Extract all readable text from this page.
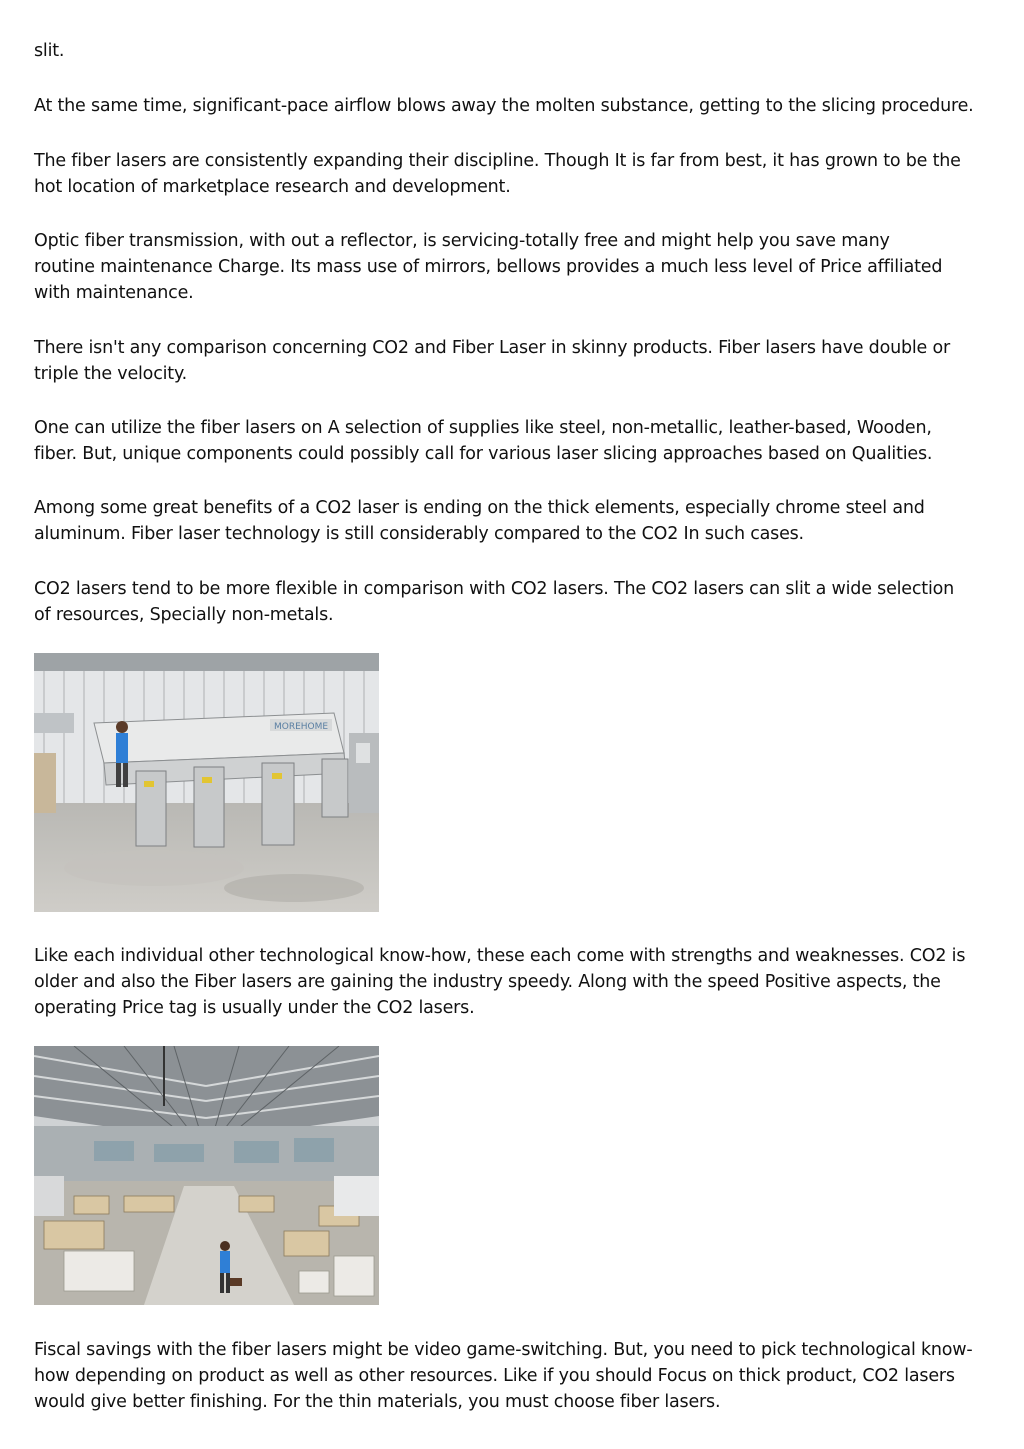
slit.

At the same time, significant-pace airflow blows away the molten substance, getting to the slicing procedure.

The fiber lasers are consistently expanding their discipline. Though It is far from best, it has grown to be the hot location of marketplace research and development.

Optic fiber transmission, with out a reflector, is servicing-totally free and might help you save many routine maintenance Charge. Its mass use of mirrors, bellows provides a much less level of Price affiliated with maintenance.

There isn't any comparison concerning CO2 and Fiber Laser in skinny products. Fiber lasers have double or triple the velocity.

One can utilize the fiber lasers on A selection of supplies like steel, non-metallic, leather-based, Wooden, fiber. But, unique components could possibly call for various laser slicing approaches based on Qualities.

Among some great benefits of a CO2 laser is ending on the thick elements, especially chrome steel and aluminum. Fiber laser technology is still considerably compared to the CO2 In such cases.

CO2 lasers tend to be more flexible in comparison with CO2 lasers. The CO2 lasers can slit a wide selection of resources, Specially non-metals.

MOREHOME

Like each individual other technological know-how, these each come with strengths and weaknesses. CO2 is older and also the Fiber lasers are gaining the industry speedy. Along with the speed Positive aspects, the operating Price tag is usually under the CO2 lasers.

Fiscal savings with the fiber lasers might be video game-switching. But, you need to pick technological know-how depending on product as well as other resources. Like if you should Focus on thick product, CO2 lasers would give better finishing. For the thin materials, you must choose fiber lasers.
